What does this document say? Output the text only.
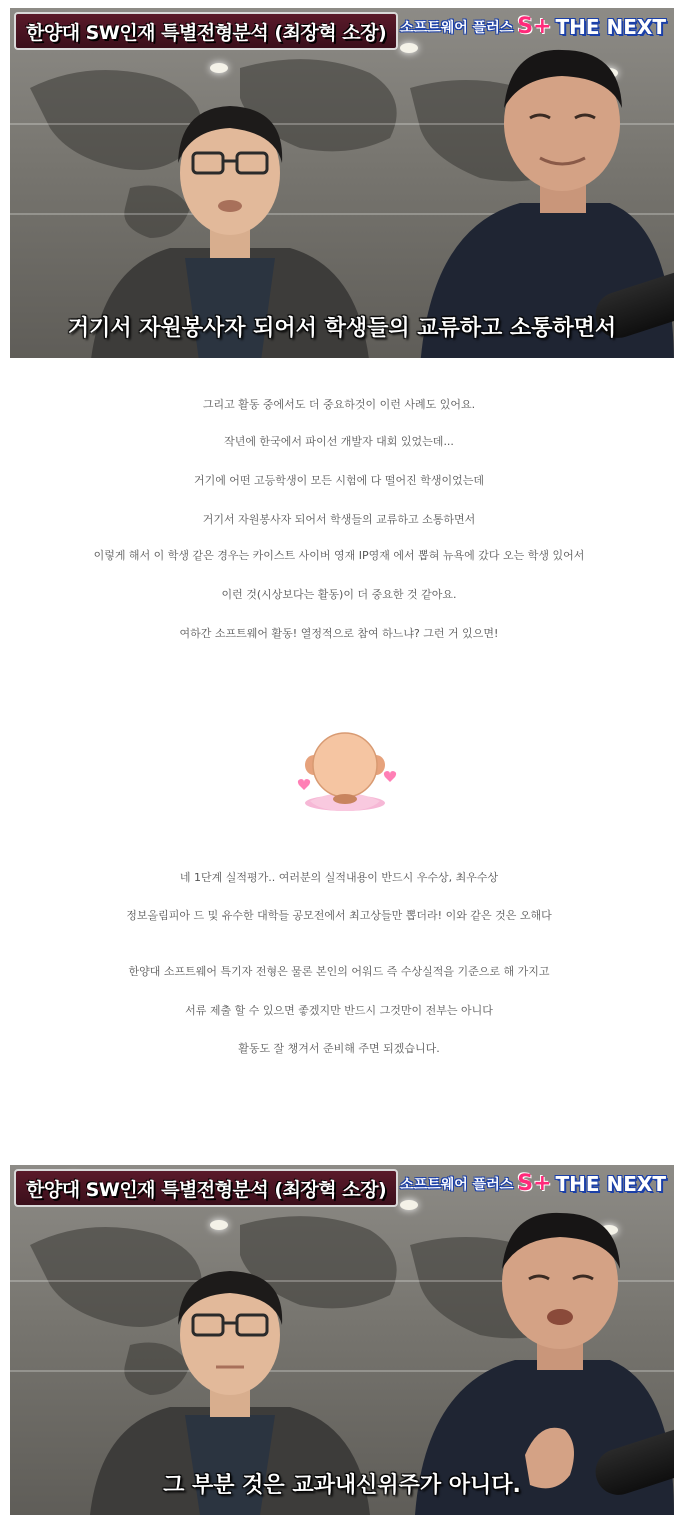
한양대 SW인재 특별전형분석 (최장혁 소장) 소프트웨어 플러스 S+ THE NEXT
거기서 자원봉사자 되어서 학생들의 교류하고 소통하면서
그리고 활동 중에서도 더 중요하것이 이런 사례도 있어요.
작년에 한국에서 파이선 개발자 대회 있었는데...
거기에 어떤 고등학생이 모든 시험에 다 떨어진 학생이었는데
거기서 자원봉사자 되어서 학생들의 교류하고 소통하면서
이렇게 해서 이 학생 같은 경우는 카이스트 사이버 영재 IP영재 에서 뽑혀 뉴욕에 갔다 오는 학생 있어서
이런 것(시상보다는 활동)이 더 중요한 것 같아요.
여하간 소프트웨어 활동! 열정적으로 참여 하느냐? 그런 거 있으면!
네 1단계 실적평가.. 여러분의 실적내용이 반드시 우수상, 최우수상
정보올림피아 드 및 유수한 대학들 공모전에서 최고상들만 뽑더라! 이와 같은 것은 오해다
한양대 소프트웨어 특기자 전형은 물론 본인의 어워드 즉 수상실적을 기준으로 해 가지고
서류 제출 할 수 있으면 좋겠지만 반드시 그것만이 전부는 아니다
활동도 잘 챙겨서 준비해 주면 되겠습니다.
한양대 SW인재 특별전형분석 (최장혁 소장) 소프트웨어 플러스 S+ THE NEXT
그 부분 것은 교과내신위주가 아니다.
